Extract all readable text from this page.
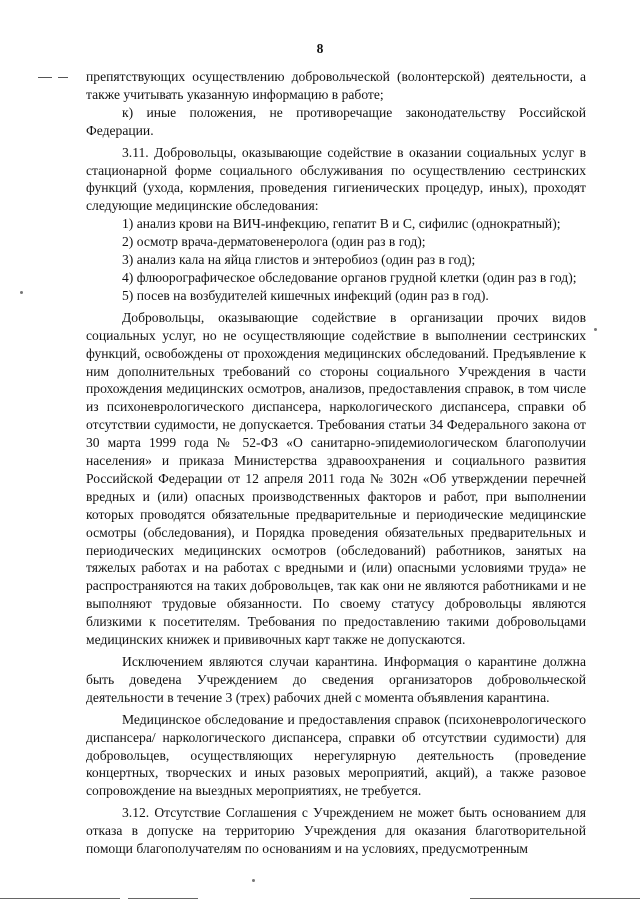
8

препятствующих осуществлению добровольческой (волонтерской) деятельности, а также учитывать указанную информацию в работе;

к) иные положения, не противоречащие законодательству Российской Федерации.

3.11. Добровольцы, оказывающие содействие в оказании социальных услуг в стационарной форме социального обслуживания по осуществлению сестринских функций (ухода, кормления, проведения гигиенических процедур, иных), проходят следующие медицинские обследования:

1) анализ крови на ВИЧ-инфекцию, гепатит В и С, сифилис (однократный);

2) осмотр врача-дерматовенеролога (один раз в год);

3) анализ кала на яйца глистов и энтеробиоз (один раз в год);

4) флюорографическое обследование органов грудной клетки (один раз в год);

5) посев на возбудителей кишечных инфекций (один раз в год).

Добровольцы, оказывающие содействие в организации прочих видов социальных услуг, но не осуществляющие содействие в выполнении сестринских функций, освобождены от прохождения медицинских обследований. Предъявление к ним дополнительных требований со стороны социального Учреждения в части прохождения медицинских осмотров, анализов, предоставления справок, в том числе из психоневрологического диспансера, наркологического диспансера, справки об отсутствии судимости, не допускается. Требования статьи 34 Федерального закона от 30 марта 1999 года № 52-ФЗ «О санитарно-эпидемиологическом благополучии населения» и приказа Министерства здравоохранения и социального развития Российской Федерации от 12 апреля 2011 года № 302н «Об утверждении перечней вредных и (или) опасных производственных факторов и работ, при выполнении которых проводятся обязательные предварительные и периодические медицинские осмотры (обследования), и Порядка проведения обязательных предварительных и периодических медицинских осмотров (обследований) работников, занятых на тяжелых работах и на работах с вредными и (или) опасными условиями труда» не распространяются на таких добровольцев, так как они не являются работниками и не выполняют трудовые обязанности. По своему статусу добровольцы являются близкими к посетителям. Требования по предоставлению такими добровольцами медицинских книжек и прививочных карт также не допускаются.

Исключением являются случаи карантина. Информация о карантине должна быть доведена Учреждением до сведения организаторов добровольческой деятельности в течение 3 (трех) рабочих дней с момента объявления карантина.

Медицинское обследование и предоставления справок (психоневрологического диспансера/ наркологического диспансера, справки об отсутствии судимости) для добровольцев, осуществляющих нерегулярную деятельность (проведение концертных, творческих и иных разовых мероприятий, акций), а также разовое сопровождение на выездных мероприятиях, не требуется.

3.12. Отсутствие Соглашения с Учреждением не может быть основанием для отказа в допуске на территорию Учреждения для оказания благотворительной помощи благополучателям по основаниям и на условиях, предусмотренным
